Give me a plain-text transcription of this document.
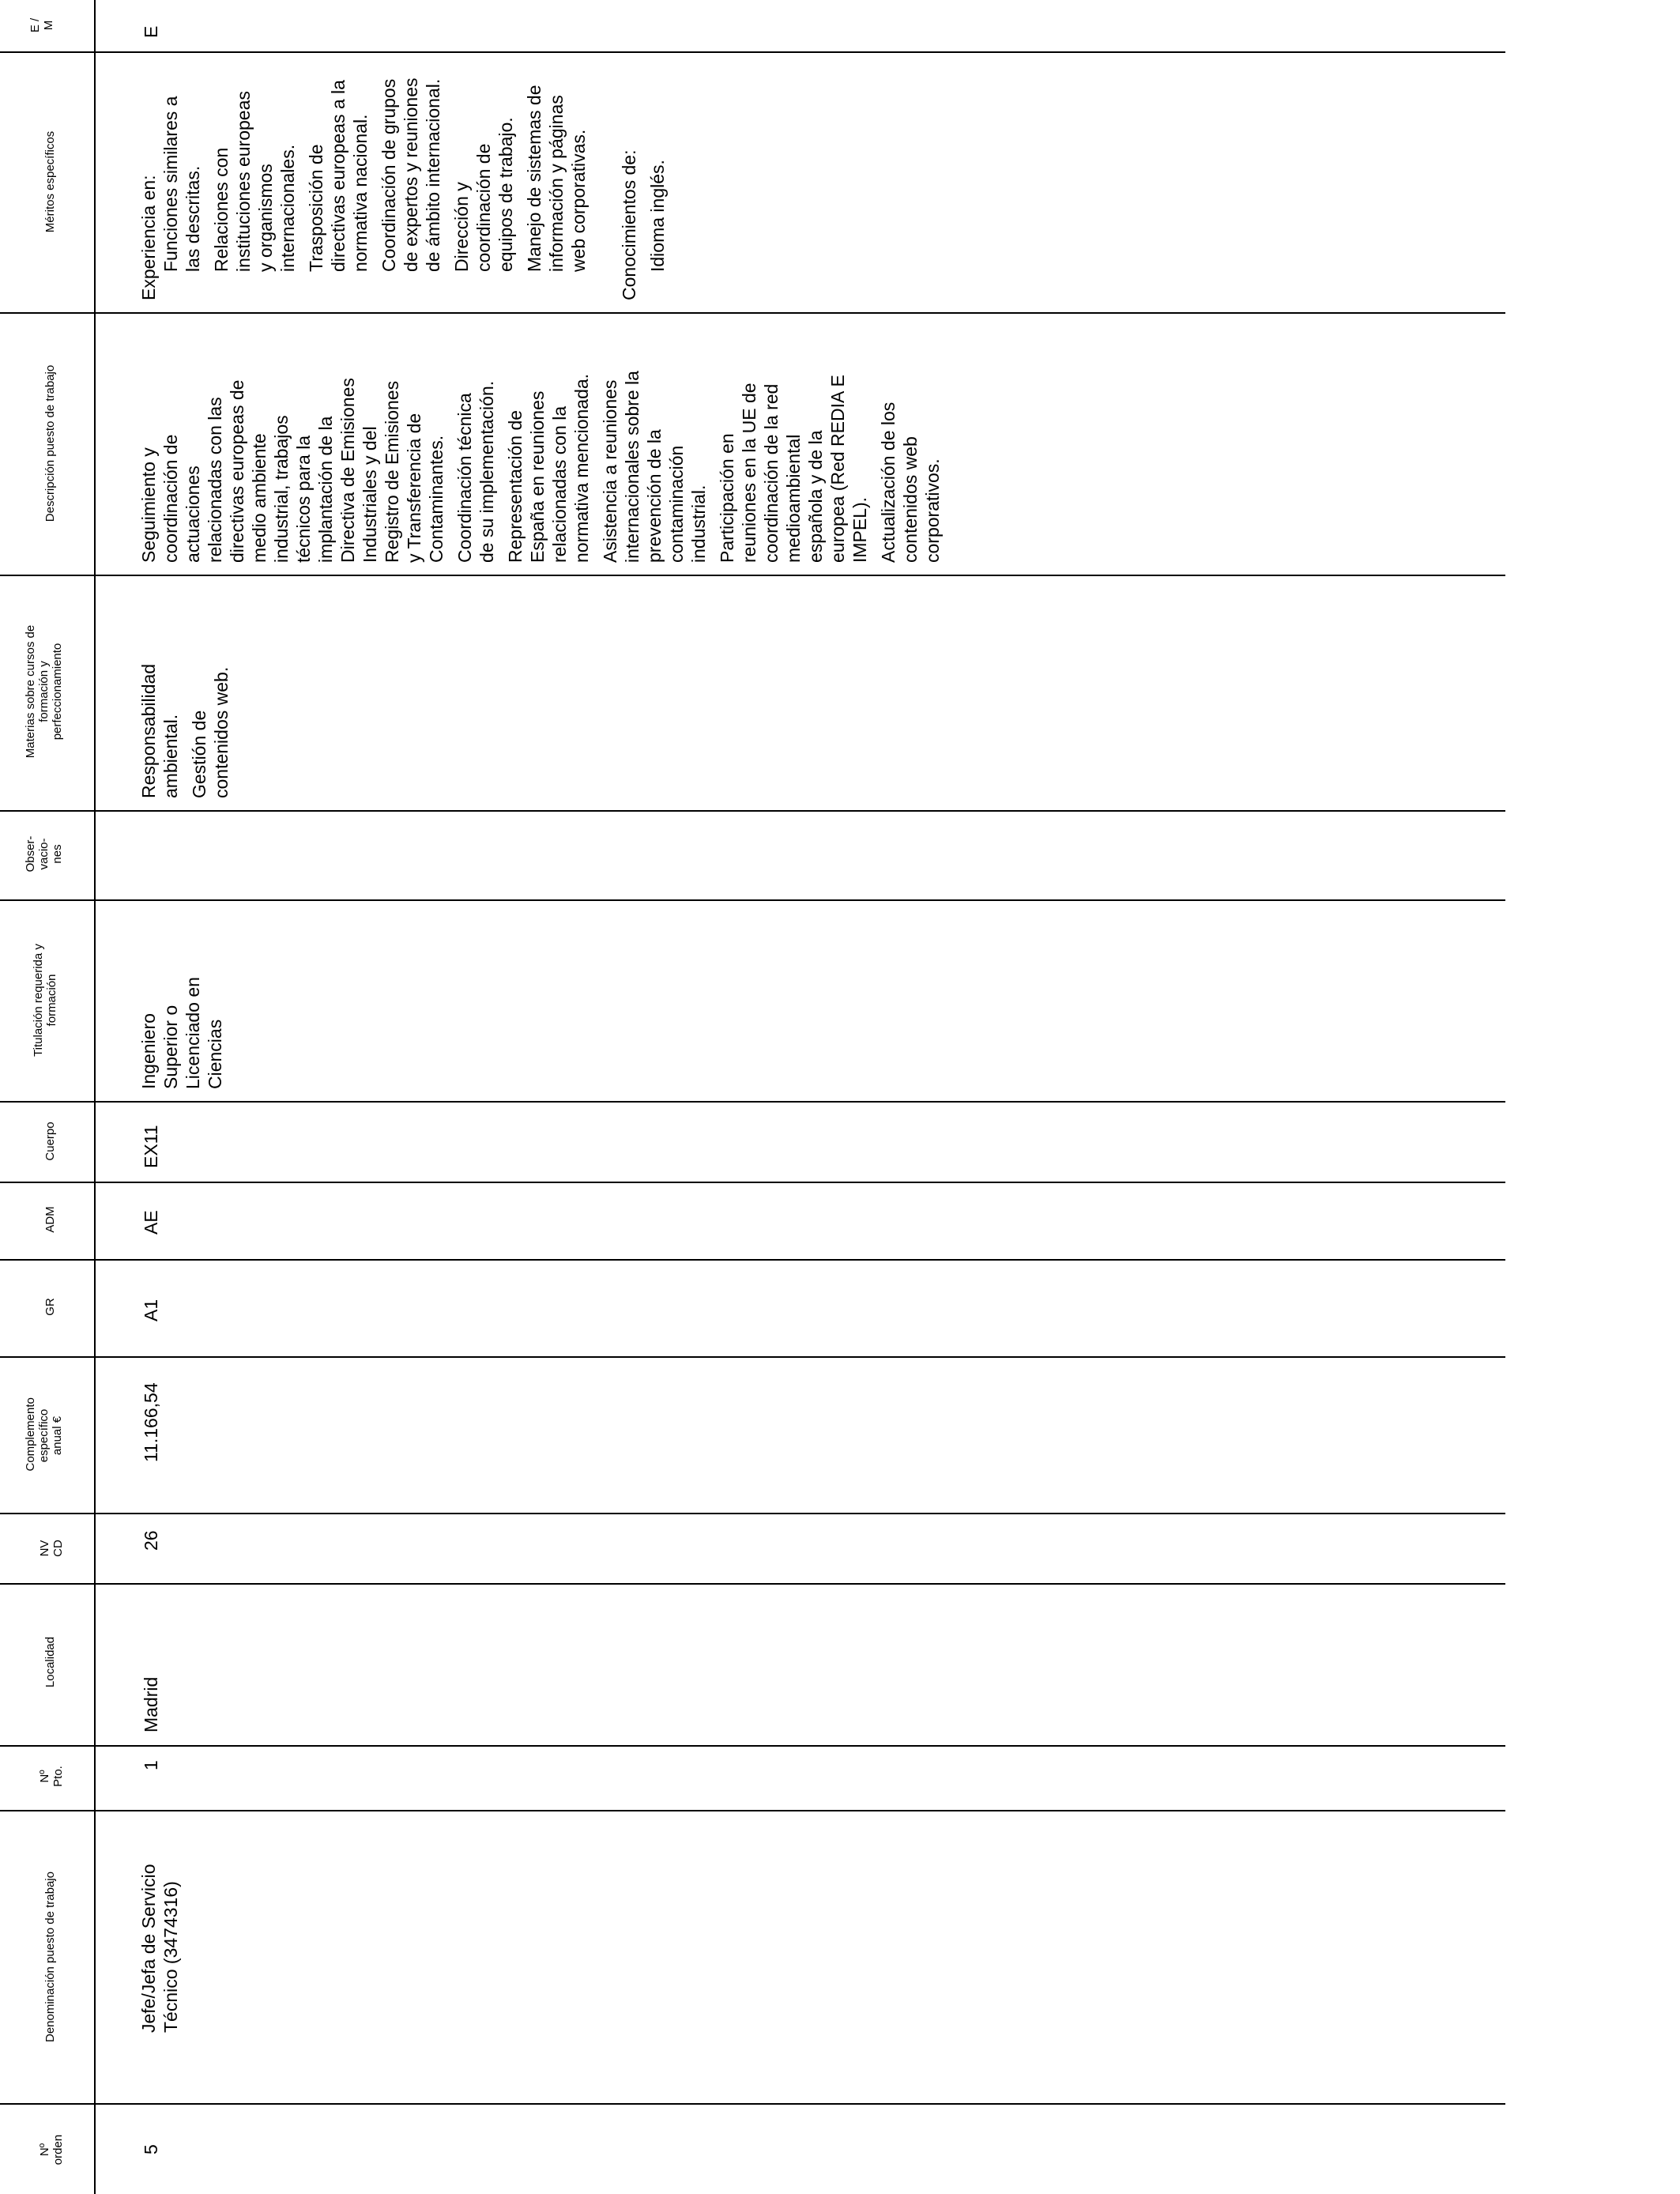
E / M
Méritos específicos
Descripción puesto de trabajo
Materias sobre cursos de formación y perfeccionamiento
Obser- vacio- nes
Titulación requerida y formación
Cuerpo
ADM
GR
Complemento específico anual €
NV CD
Localidad
Nº Pto.
Denominación puesto de trabajo
Nº orden
E
Experiencia en: Funciones similares a las descritas. Relaciones con instituciones europeas y organismos internacionales. Trasposición de directivas europeas a la normativa nacional. Coordinación de grupos de expertos y reuniones de ámbito internacional. Dirección y coordinación de equipos de trabajo. Manejo de sistemas de información y páginas web corporativas. Conocimientos de: Idioma inglés.
Seguimiento y coordinación de actuaciones relacionadas con las directivas europeas de medio ambiente industrial, trabajos técnicos para la implantación de la Directiva de Emisiones Industriales y del Registro de Emisiones y Transferencia de Contaminantes. Coordinación técnica de su implementación. Representación de España en reuniones relacionadas con la normativa mencionada. Asistencia a reuniones internacionales sobre la prevención de la contaminación industrial. Participación en reuniones en la UE de coordinación de la red medioambiental española y de la europea (Red REDIA E IMPEL). Actualización de los contenidos web corporativos.
Responsabilidad ambiental. Gestión de contenidos web.
Ingeniero Superior o Licenciado en Ciencias
EX11
AE
A1
11.166,54
26
Madrid
1
Jefe/Jefa de Servicio Técnico (3474316)
5
